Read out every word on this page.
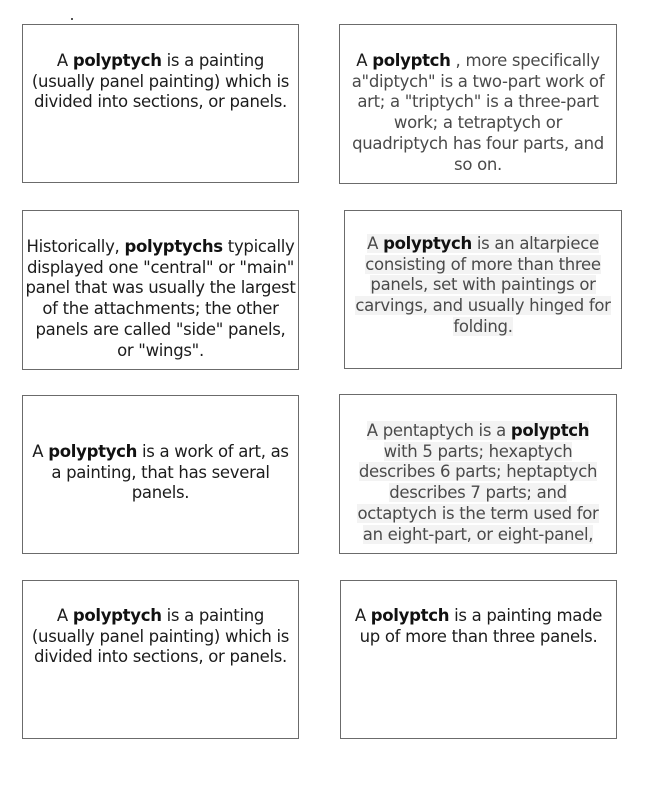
A polyptych is a painting (usually panel painting) which is divided into sections, or panels.

A polyptch , more specifically a"diptych" is a two-part work of art; a "triptych" is a three-part work; a tetraptych or quadriptych has four parts, and so on.

Historically, polyptychs typically displayed one "central" or "main" panel that was usually the largest of the attachments; the other panels are called "side" panels, or "wings".

A polyptych is an altarpiece consisting of more than three panels, set with paintings or carvings, and usually hinged for folding.

A polyptych is a work of art, as a painting, that has several panels.

A pentaptych is a polyptch with 5 parts; hexaptych describes 6 parts; heptaptych describes 7 parts; and octaptych is the term used for an eight-part, or eight-panel,

A polyptych is a painting (usually panel painting) which is divided into sections, or panels.

A polyptch is a painting made up of more than three panels.
